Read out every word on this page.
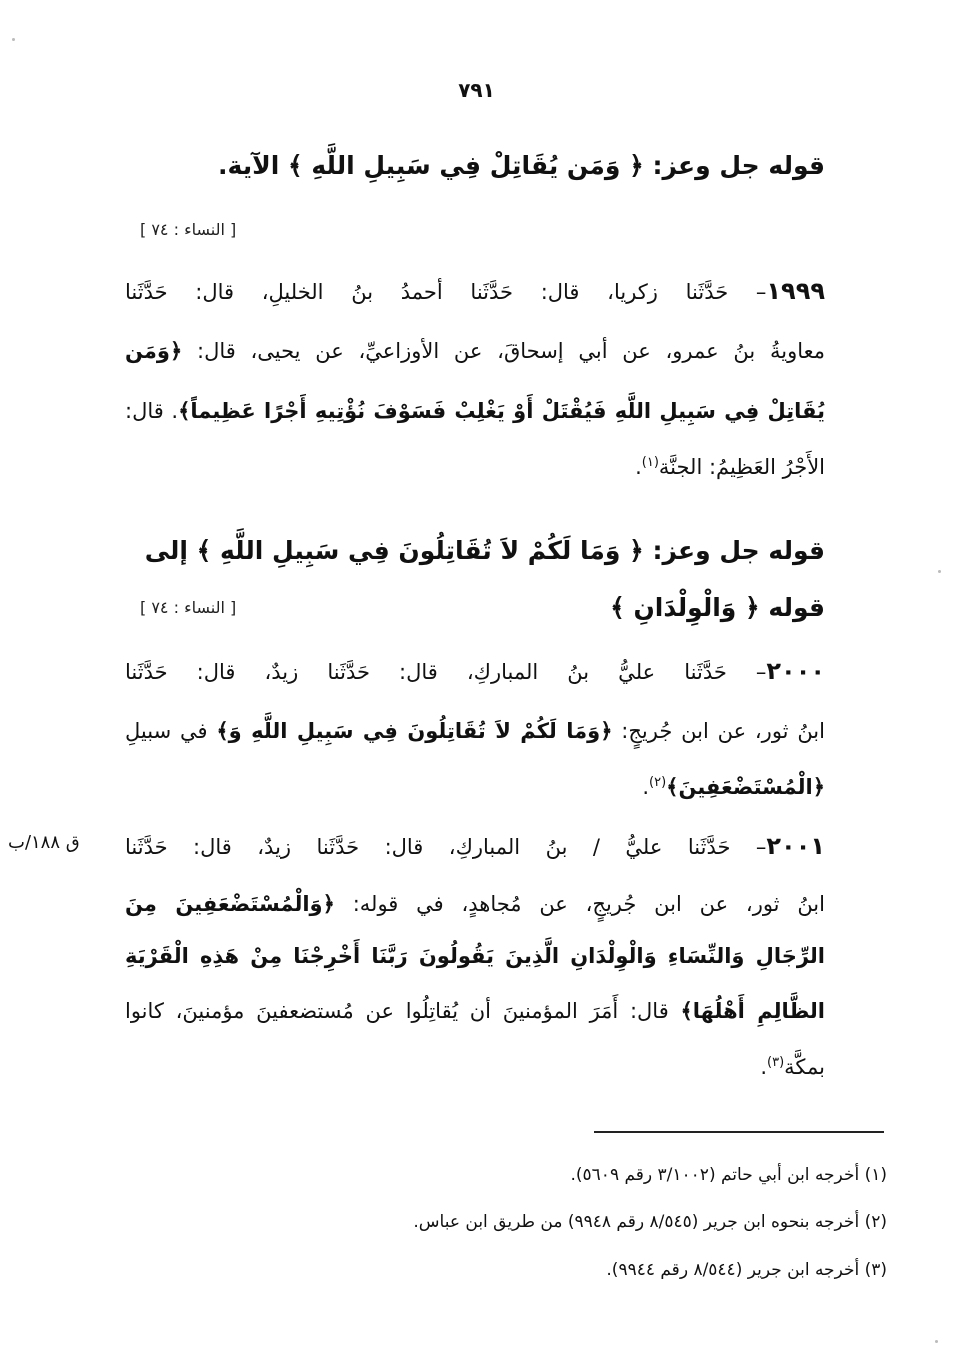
٧٩١
قوله جل وعز: ﴿ وَمَن يُقَاتِلْ فِي سَبِيلِ اللَّهِ ﴾ الآية.
[ النساء : ٧٤ ]
١٩٩٩– حَدَّثَنا زكريا، قال: حَدَّثَنا أحمدُ بنُ الخليلِ، قال: حَدَّثَنا
معاويةُ بنُ عمرو، عن أبي إسحاقَ، عن الأوزاعيِّ، عن يحيى، قال: ﴿وَمَن
يُقَاتِلْ فِي سَبِيلِ اللَّهِ فَيُقْتَلْ أَوْ يَغْلِبْ فَسَوْفَ نُؤْتِيهِ أَجْرًا عَظِيماً﴾. قال:
الأَجْرُ العَظِيمُ: الجنَّة$^{(١)}$.
قوله جل وعز: ﴿ وَمَا لَكُمْ لاَ تُقَاتِلُونَ فِي سَبِيلِ اللَّهِ ﴾ إلى
قوله ﴿ وَالْوِلْدَانِ ﴾
[ النساء : ٧٤ ]
٢٠٠٠– حَدَّثَنا عليُّ بنُ المباركِ، قال: حَدَّثَنا زيدٌ، قال: حَدَّثَنا
ابنُ ثور، عن ابن جُريجٍ: ﴿وَمَا لَكُمْ لاَ تُقَاتِلُونَ فِي سَبِيلِ اللَّهِ وَ﴾ في سبيلِ
﴿الْمُسْتَضْعَفِينَ﴾$^{(٢)}$.
ق ١٨٨/ب	٢٠٠١– حَدَّثَنا عليُّ / بنُ المباركِ، قال: حَدَّثَنا زيدٌ، قال: حَدَّثَنا
ابنُ ثور، عن ابن جُريجٍ، عن مُجاهدٍ، في قوله: ﴿وَالْمُسْتَضْعَفِينَ مِنَ
الرِّجَالِ وَالنِّسَاءِ وَالْوِلْدَانِ الَّذِينَ يَقُولُونَ رَبَّنَا أَخْرِجْنَا مِنْ هَذِهِ الْقَرْيَةِ
الظَّالِمِ أَهْلُهَا﴾ قال: أَمَرَ المؤمنينَ أن يُقاتِلُوا عن مُستضعفينَ مؤمنينَ، كانوا
بمكَّة$^{(٣)}$.
(١) أخرجه ابن أبي حاتم (٣/١٠٠٢ رقم ٥٦٠٩).
(٢) أخرجه بنحوه ابن جرير (٨/٥٤٥ رقم ٩٩٤٨) من طريق ابن عباس.
(٣) أخرجه ابن جرير (٨/٥٤٤ رقم ٩٩٤٤).
